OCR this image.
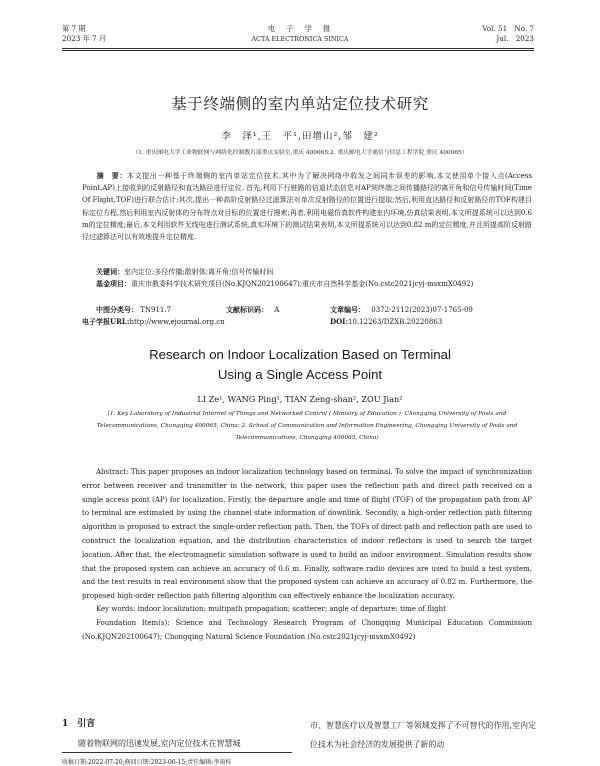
第 7 期
2023 年 7 月
电　子　学　报
ACTA ELECTRONICA SINICA
Vol. 51　No. 7
Jul.　2023
基于终端侧的室内单站定位技术研究
李　泽¹,王　平¹,田增山²,邹　建²
（1. 重庆邮电大学工业物联网与网络化控制教育部重点实验室,重庆 400065;2. 重庆邮电大学通信与信息工程学院,重庆 400065）
摘　要：本文提出一种基于终端侧的室内单站定位技术,其中为了解决网络中收发之间同步误差的影响,本文使用单个接入点(Access Point,AP)上接收到的反射路径和直达路径进行定位. 首先,利用下行链路的信道状态信息对AP到终端之间传播路径的离开角和信号传输时间(Time Of Flight,TOF)进行联合估计;其次,提出一种高阶反射路径过滤算法对单次反射路径的位置进行提取;然后,利用直达路径和反射路径的TOF构建目标定位方程,然后利用室内反射体的分布特点对目标的位置进行搜索;再者,利用电磁仿真软件构建室内环境,仿真结果表明,本文所提系统可以达到0.6 m的定位精度;最后,本文利用软件无线电进行测试系统,真实环境下的测试结果表明,本文所提系统可以达到0.82 m的定位精度,并且所提高阶反射路径过滤算法可以有效地提升定位精度.
关键词：室内定位;多径传播;散射体;离开角;信号传输时间
基金项目：重庆市教委科学技术研究项目(No.KJQN202100647);重庆市自然科学基金(No.cstc2021jcyj-msxmX0492)
中图分类号： TN911.7	文献标识码： A	文章编号： 0372-2112(2023)07-1765-09
电子学报URL:http://www.ejournal.org.cn	DOI:10.12263/DZXB.20220863
Research on Indoor Localization Based on Terminal
Using a Single Access Point
LI Ze¹, WANG Ping¹, TIAN Zeng-shan², ZOU Jian²
(1. Key Laboratory of Industrial Internet of Things and Networked Control ( Ministry of Education ), Chongqing University of Posts and Telecommunications, Chongqing 400065, China; 2. School of Communication and Information Engineering, Chongqing University of Posts and Telecommunications, Chongqing 400065, China)
Abstract: This paper proposes an indoor localization technology based on terminal. To solve the impact of synchronization error between receiver and transmitter in the network, this paper uses the reflection path and direct path received on a single access point (AP) for localization. Firstly, the departure angle and time of flight (TOF) of the propagation path from AP to terminal are estimated by using the channel state information of downlink. Secondly, a high-order reflection path filtering algorithm is proposed to extract the single-order reflection path. Then, the TOFs of direct path and reflection path are used to construct the localization equation, and the distribution characteristics of indoor reflectors is used to search the target location. After that, the electromagnetic simulation software is used to build an indoor environment. Simulation results show that the proposed system can achieve an accuracy of 0.6 m. Finally, software radio devices are used to build a test system, and the test results in real environment show that the proposed system can achieve an accuracy of 0.82 m. Furthermore, the proposed high-order reflection path filtering algorithm can effectively enhance the localization accuracy.
Key words: indoor localization; multipath propagation; scatterer; angle of departure; time of flight
Foundation Item(s): Science and Technology Research Program of Chongqing Municipal Education Commission (No.KJQN202100647); Chongqing Natural Science Foundation (No.cstc2021jcyj-msxmX0492)
1　引言
随着物联网的迅速发展,室内定位技术在智慧城
市、智慧医疗以及智慧工厂等领域发挥了不可替代的作用,室内定位技术为社会经济的发展提供了新的动
收稿日期:2022-07-20;修回日期:2023-06-15;责任编辑:李雨桂
